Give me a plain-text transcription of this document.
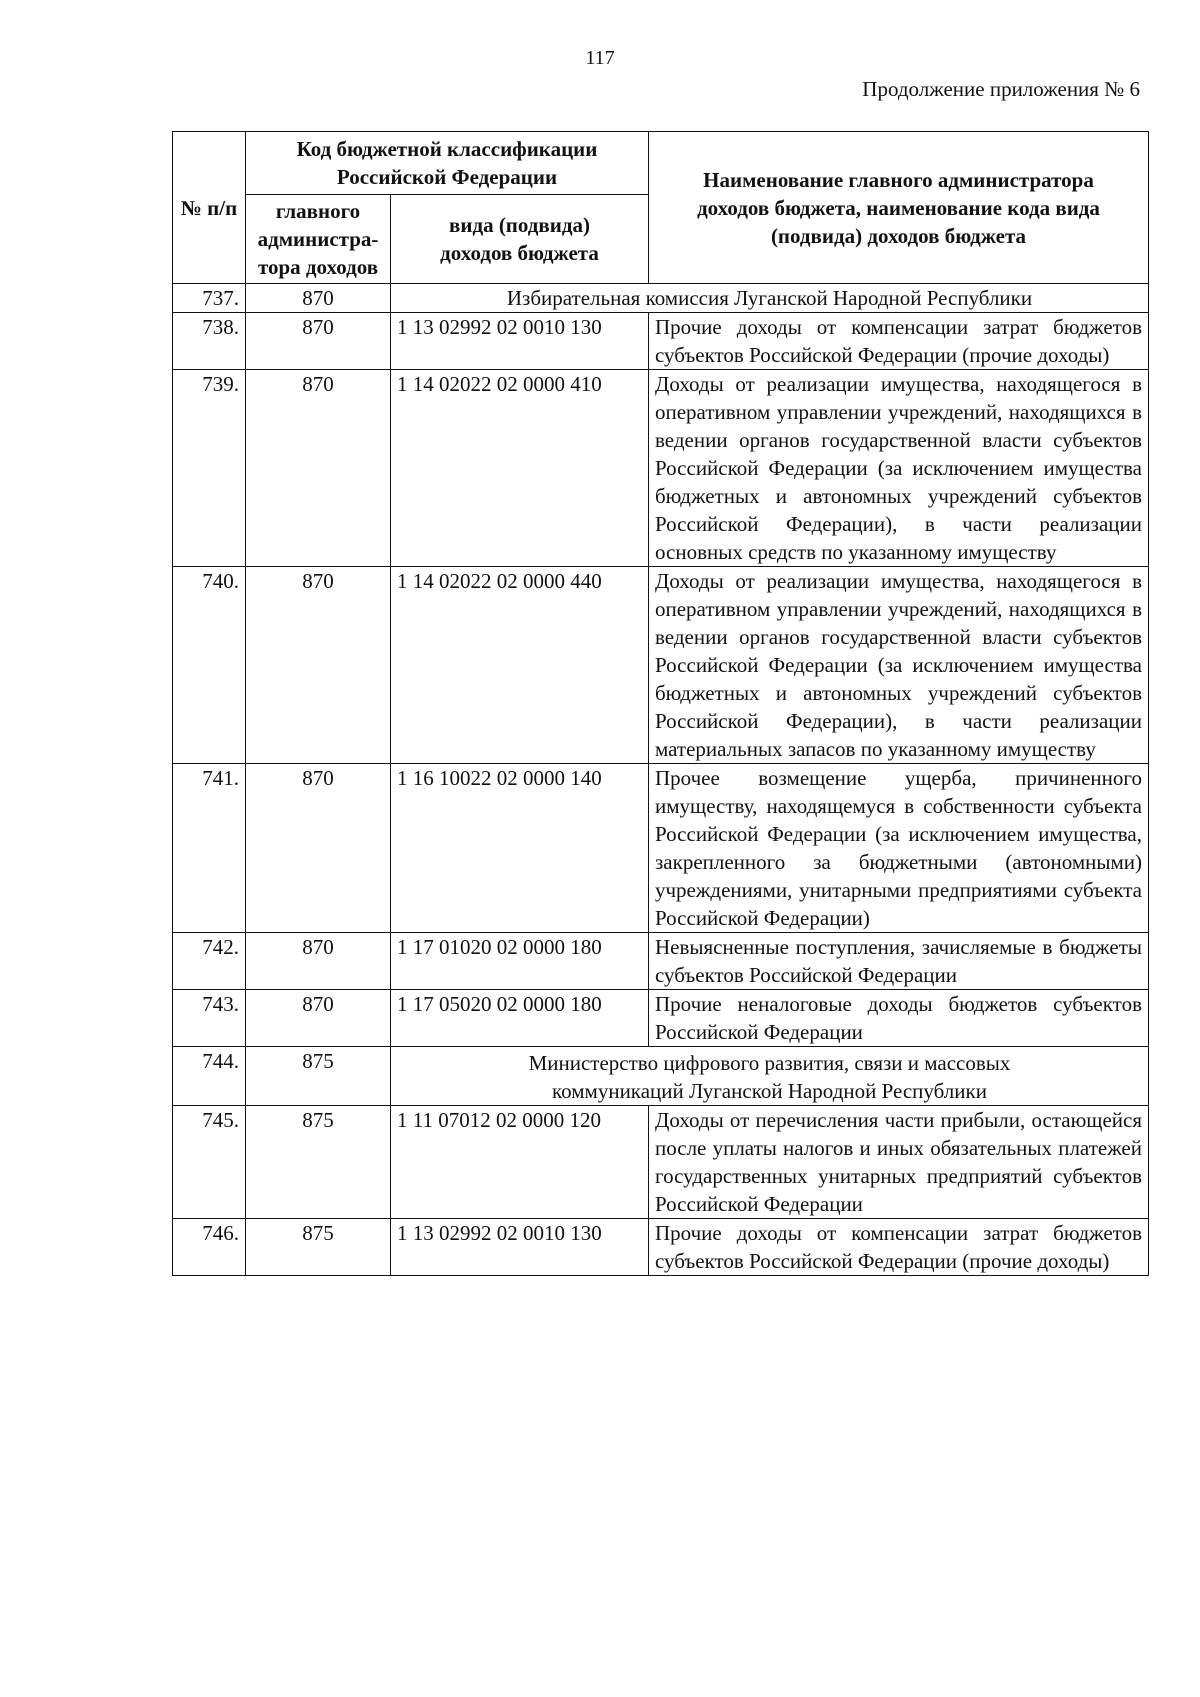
117
Продолжение приложения № 6
№ п/п	Код бюджетной классификации Российской Федерации		Наименование главного администратора доходов бюджета, наименование кода вида (подвида) доходов бюджета
	главного администра-тора доходов	вида (подвида) доходов бюджета	
737.	870	Избирательная комиссия Луганской Народной Республики	
738.	870	1 13 02992 02 0010 130	Прочие доходы от компенсации затрат бюджетов субъектов Российской Федерации (прочие доходы)
739.	870	1 14 02022 02 0000 410	Доходы от реализации имущества, находящегося в оперативном управлении учреждений, находящихся в ведении органов государственной власти субъектов Российской Федерации (за исключением имущества бюджетных и автономных учреждений субъектов Российской Федерации), в части реализации основных средств по указанному имуществу
740.	870	1 14 02022 02 0000 440	Доходы от реализации имущества, находящегося в оперативном управлении учреждений, находящихся в ведении органов государственной власти субъектов Российской Федерации (за исключением имущества бюджетных и автономных учреждений субъектов Российской Федерации), в части реализации материальных запасов по указанному имуществу
741.	870	1 16 10022 02 0000 140	Прочее возмещение ущерба, причиненного имуществу, находящемуся в собственности субъекта Российской Федерации (за исключением имущества, закрепленного за бюджетными (автономными) учреждениями, унитарными предприятиями субъекта Российской Федерации)
742.	870	1 17 01020 02 0000 180	Невыясненные поступления, зачисляемые в бюджеты субъектов Российской Федерации
743.	870	1 17 05020 02 0000 180	Прочие неналоговые доходы бюджетов субъектов Российской Федерации
744.	875	Министерство цифрового развития, связи и массовых коммуникаций Луганской Народной Республики	
745.	875	1 11 07012 02 0000 120	Доходы от перечисления части прибыли, остающейся после уплаты налогов и иных обязательных платежей государственных унитарных предприятий субъектов Российской Федерации
746.	875	1 13 02992 02 0010 130	Прочие доходы от компенсации затрат бюджетов субъектов Российской Федерации (прочие доходы)
